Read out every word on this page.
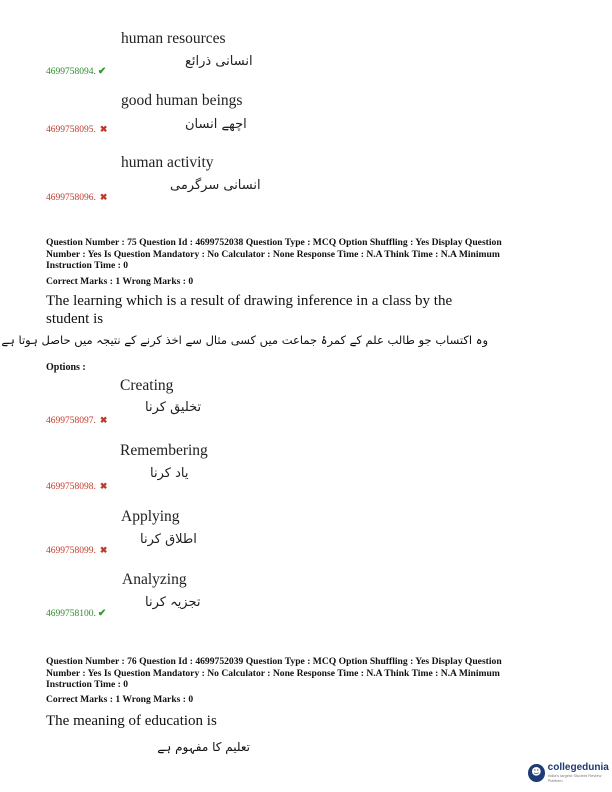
human resources
انسانی ذرائع
4699758094. ✔
good human beings
اچھے انسان
4699758095. ✖
human activity
انسانی سرگرمی
4699758096. ✖
Question Number : 75 Question Id : 4699752038 Question Type : MCQ Option Shuffling : Yes Display Question
Number : Yes Is Question Mandatory : No Calculator : None Response Time : N.A Think Time : N.A Minimum
Instruction Time : 0
Correct Marks : 1 Wrong Marks : 0
The learning which is a result of drawing inference in a class by the
student is
وہ اکتساب جو طالب علم کے کمرۂ جماعت میں کسی مثال سے اخذ کرنے کے نتیجہ میں حاصل ہوتا ہے
Options :
Creating
تخلیق کرنا
4699758097. ✖
Remembering
یاد کرنا
4699758098. ✖
Applying
اطلاق کرنا
4699758099. ✖
Analyzing
تجزیہ کرنا
4699758100. ✔
Question Number : 76 Question Id : 4699752039 Question Type : MCQ Option Shuffling : Yes Display Question
Number : Yes Is Question Mandatory : No Calculator : None Response Time : N.A Think Time : N.A Minimum
Instruction Time : 0
Correct Marks : 1 Wrong Marks : 0
The meaning of education is
تعلیم کا مفہوم ہے
☻ collegedunia
India's largest Student Review Platform
